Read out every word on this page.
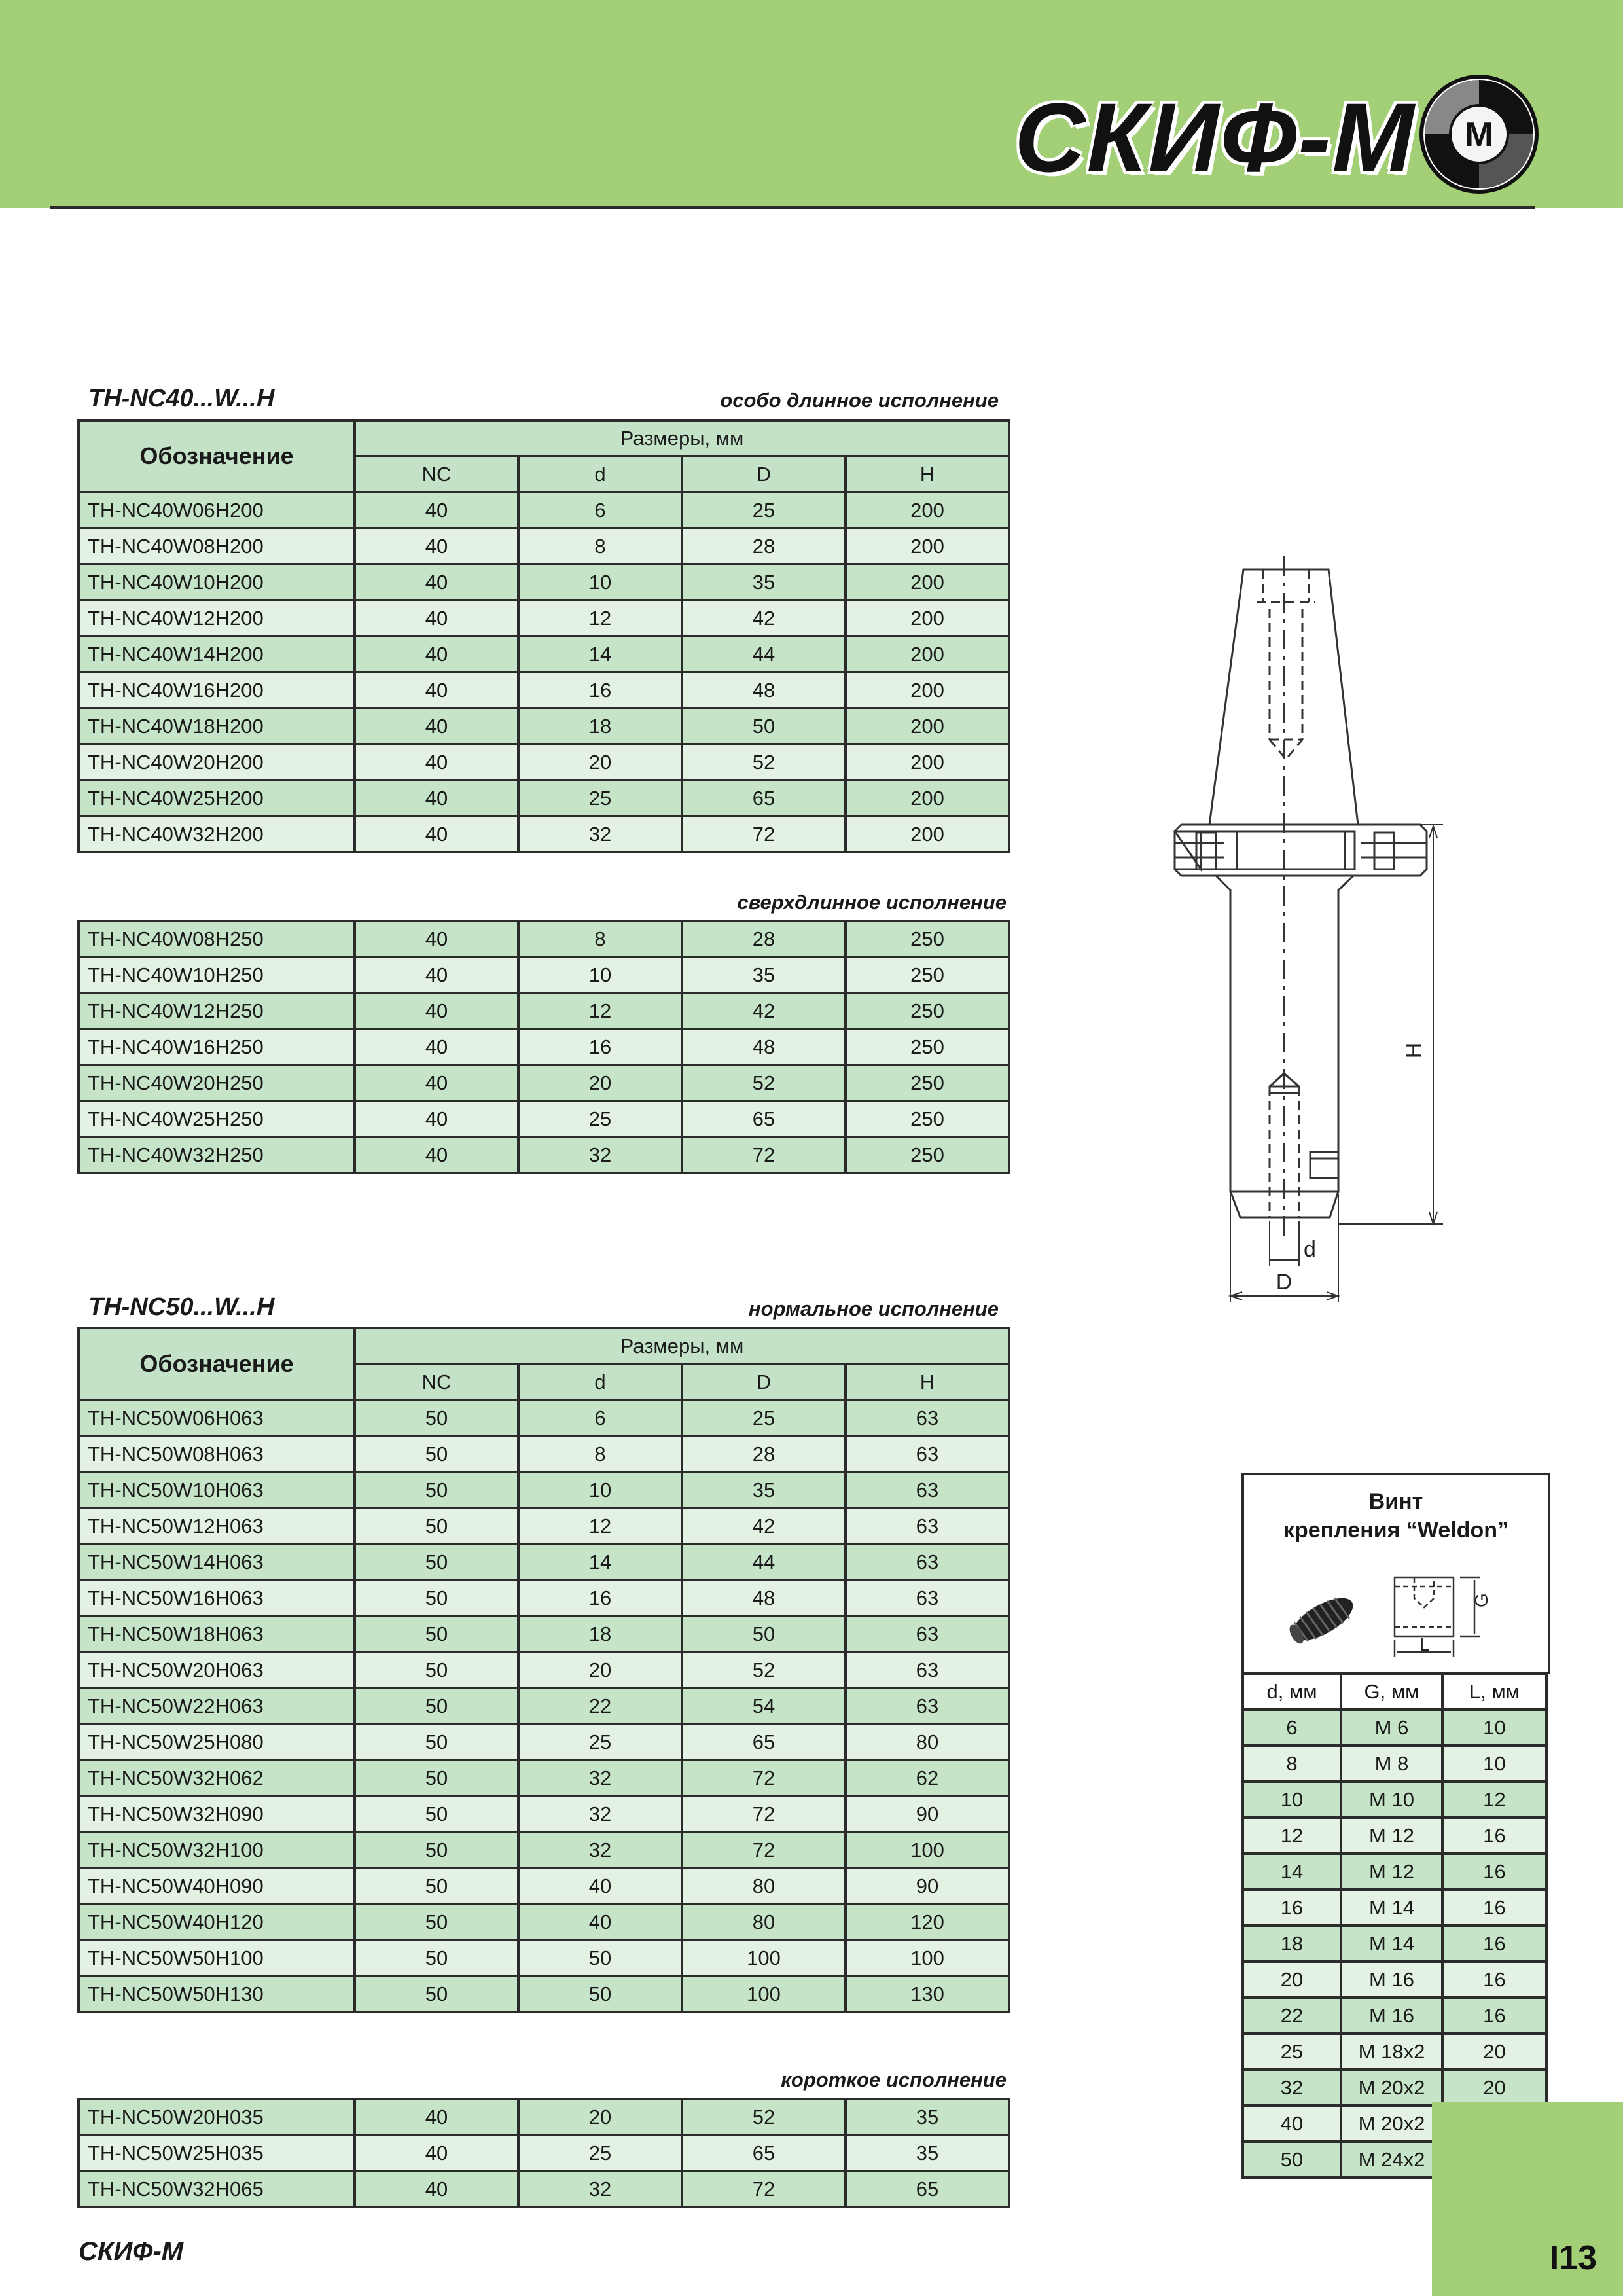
СКИФ-М M
TH-NC40...W...H	особо длинное исполнение
Обозначение	Размеры, мм			
	NC	d	D	H
TH-NC40W06H200	40	6	25	200
TH-NC40W08H200	40	8	28	200
TH-NC40W10H200	40	10	35	200
TH-NC40W12H200	40	12	42	200
TH-NC40W14H200	40	14	44	200
TH-NC40W16H200	40	16	48	200
TH-NC40W18H200	40	18	50	200
TH-NC40W20H200	40	20	52	200
TH-NC40W25H200	40	25	65	200
TH-NC40W32H200	40	32	72	200
сверхдлинное исполнение
TH-NC40W08H250	40	8	28	250
TH-NC40W10H250	40	10	35	250
TH-NC40W12H250	40	12	42	250
TH-NC40W16H250	40	16	48	250
TH-NC40W20H250	40	20	52	250
TH-NC40W25H250	40	25	65	250
TH-NC40W32H250	40	32	72	250
TH-NC50...W...H	нормальное исполнение
Обозначение	Размеры, мм			
	NC	d	D	H
TH-NC50W06H063	50	6	25	63
TH-NC50W08H063	50	8	28	63
TH-NC50W10H063	50	10	35	63
TH-NC50W12H063	50	12	42	63
TH-NC50W14H063	50	14	44	63
TH-NC50W16H063	50	16	48	63
TH-NC50W18H063	50	18	50	63
TH-NC50W20H063	50	20	52	63
TH-NC50W22H063	50	22	54	63
TH-NC50W25H080	50	25	65	80
TH-NC50W32H062	50	32	72	62
TH-NC50W32H090	50	32	72	90
TH-NC50W32H100	50	32	72	100
TH-NC50W40H090	50	40	80	90
TH-NC50W40H120	50	40	80	120
TH-NC50W50H100	50	50	100	100
TH-NC50W50H130	50	50	100	130
короткое исполнение
TH-NC50W20H035	40	20	52	35
TH-NC50W25H035	40	25	65	35
TH-NC50W32H065	40	32	72	65
H
d
D
Винт
крепления “Weldon”
G
L
d, мм	G, мм	L, мм
6	M 6	10
8	M 8	10
10	M 10	12
12	M 12	16
14	M 12	16
16	M 14	16
18	M 14	16
20	M 16	16
22	M 16	16
25	M 18x2	20
32	M 20x2	20
40	M 20x2	
50	M 24x2	
I13
СКИФ-М
